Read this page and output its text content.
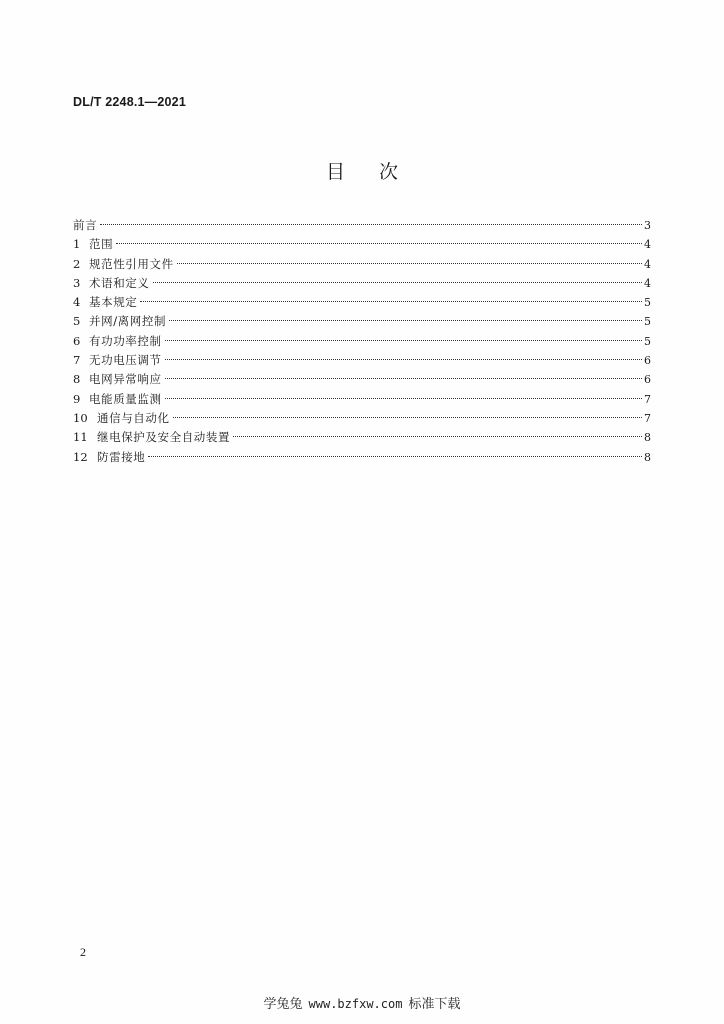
DL/T 2248.1—2021
目 次
前言	3
1 范围	4
2 规范性引用文件	4
3 术语和定义	4
4 基本规定	5
5 并网/离网控制	5
6 有功功率控制	5
7 无功电压调节	6
8 电网异常响应	6
9 电能质量监测	7
10 通信与自动化	7
11 继电保护及安全自动装置	8
12 防雷接地	8
2
学兔兔 www.bzfxw.com 标准下载
